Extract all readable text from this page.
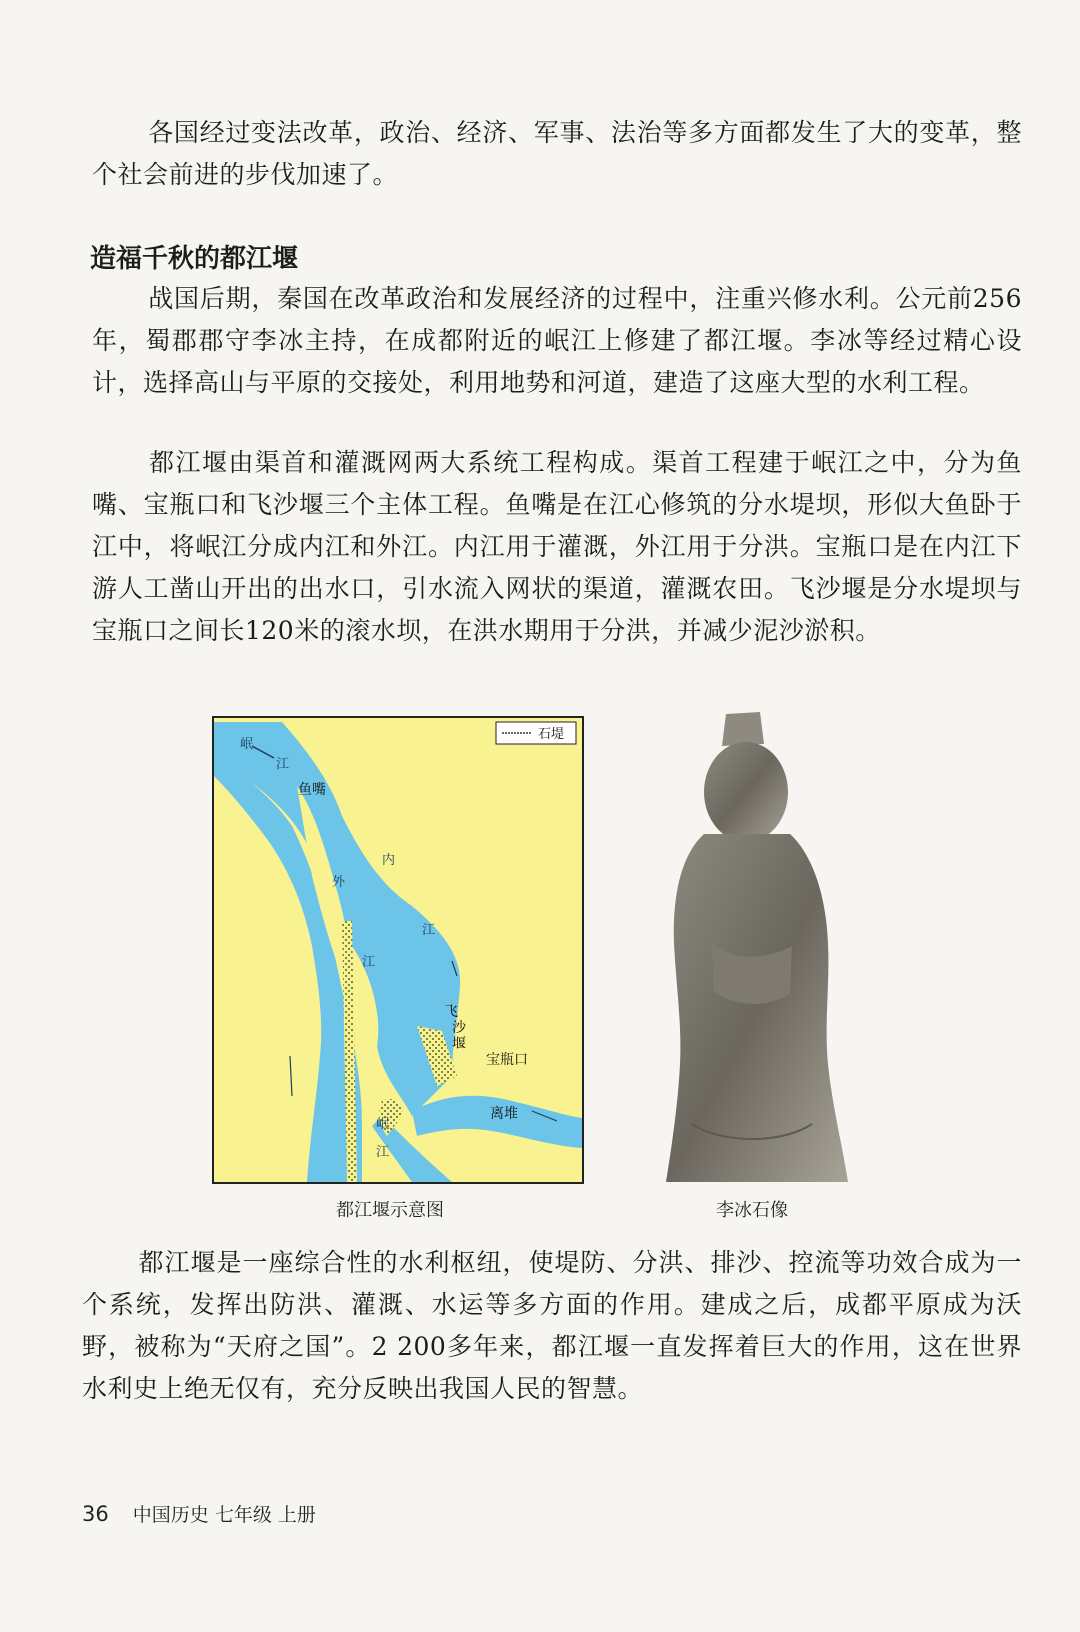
各国经过变法改革，政治、经济、军事、法治等多方面都发生了大的变革，整个社会前进的步伐加速了。

造福千秋的都江堰

战国后期，秦国在改革政治和发展经济的过程中，注重兴修水利。公元前256年，蜀郡郡守李冰主持，在成都附近的岷江上修建了都江堰。李冰等经过精心设计，选择高山与平原的交接处，利用地势和河道，建造了这座大型的水利工程。

都江堰由渠首和灌溉网两大系统工程构成。渠首工程建于岷江之中，分为鱼嘴、宝瓶口和飞沙堰三个主体工程。鱼嘴是在江心修筑的分水堤坝，形似大鱼卧于江中，将岷江分成内江和外江。内江用于灌溉，外江用于分洪。宝瓶口是在内江下游人工凿山开出的出水口，引水流入网状的渠道，灌溉农田。飞沙堰是分水堤坝与宝瓶口之间长120米的滚水坝，在洪水期用于分洪，并减少泥沙淤积。

石堤
岷
江
鱼嘴
内
江
外
江
飞沙堰
宝瓶口
离堆
岷
江
都江堰示意图	李冰石像

都江堰是一座综合性的水利枢纽，使堤防、分洪、排沙、控流等功效合成为一个系统，发挥出防洪、灌溉、水运等多方面的作用。建成之后，成都平原成为沃野，被称为“天府之国”。2 200多年来，都江堰一直发挥着巨大的作用，这在世界水利史上绝无仅有，充分反映出我国人民的智慧。

36 中国历史 七年级 上册
